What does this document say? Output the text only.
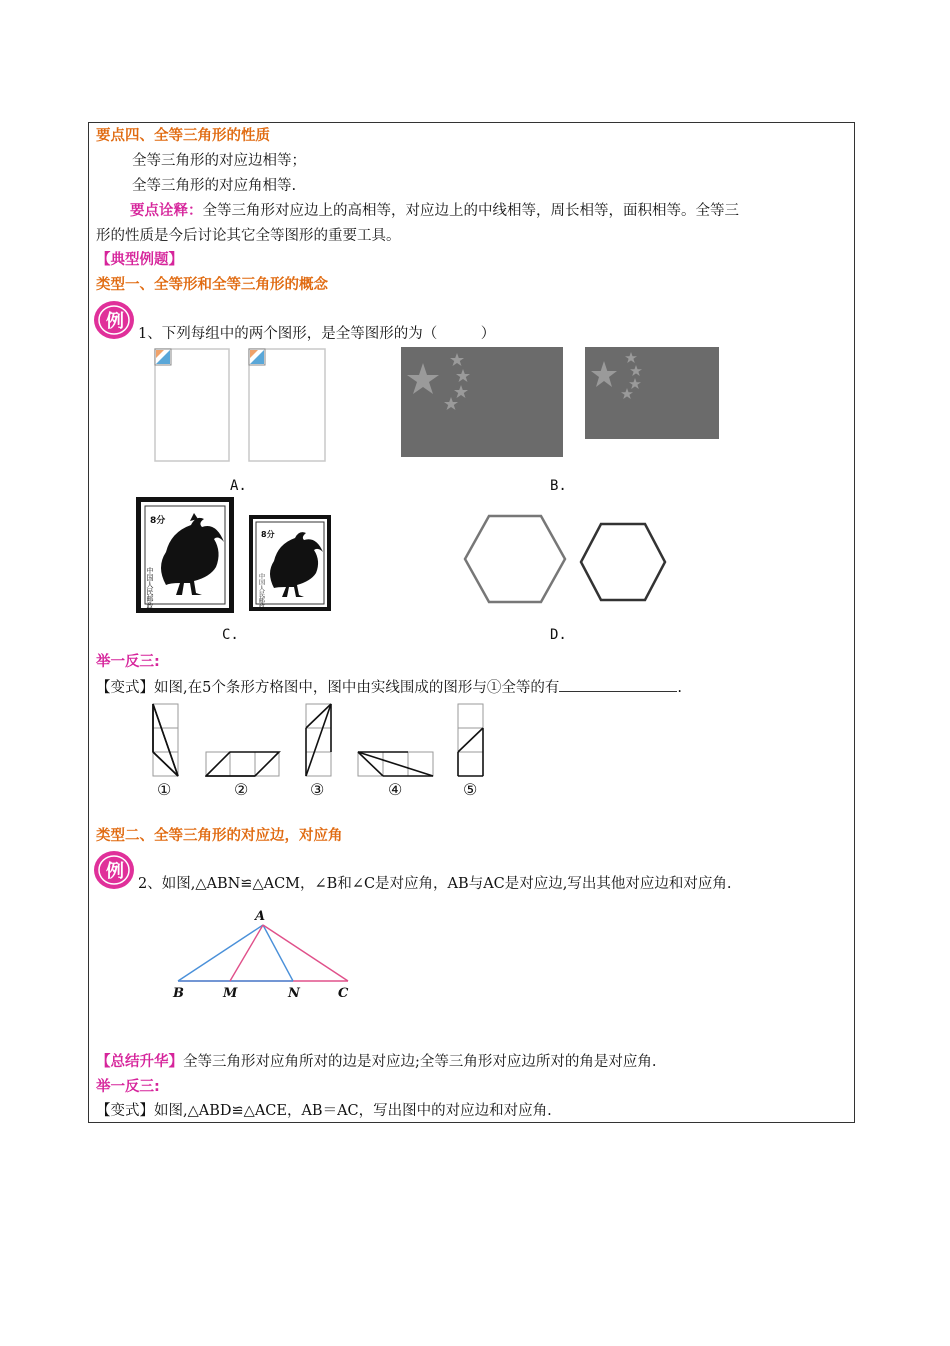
要点四、全等三角形的性质
全等三角形的对应边相等；
全等三角形的对应角相等.
要点诠释：全等三角形对应边上的高相等，对应边上的中线相等，周长相等，面积相等。全等三
形的性质是今后讨论其它全等图形的重要工具。
【典型例题】
类型一、全等形和全等三角形的概念
例
1、下列每组中的两个图形，是全等图形的为（　　　）
A.	B.
中国人民邮政
8分
中国人民邮政
8分
C.	D.
举一反三:
【变式】如图,在5个条形方格图中，图中由实线围成的图形与①全等的有	.
①	②	③	④	⑤
类型二、全等三角形的对应边，对应角
例
2、如图,△ABN≌△ACM，∠B和∠C是对应角，AB与AC是对应边,写出其他对应边和对应角.
A
B	M	N	C
【总结升华】全等三角形对应角所对的边是对应边;全等三角形对应边所对的角是对应角.
举一反三:
【变式】如图,△ABD≌△ACE，AB＝AC，写出图中的对应边和对应角.
